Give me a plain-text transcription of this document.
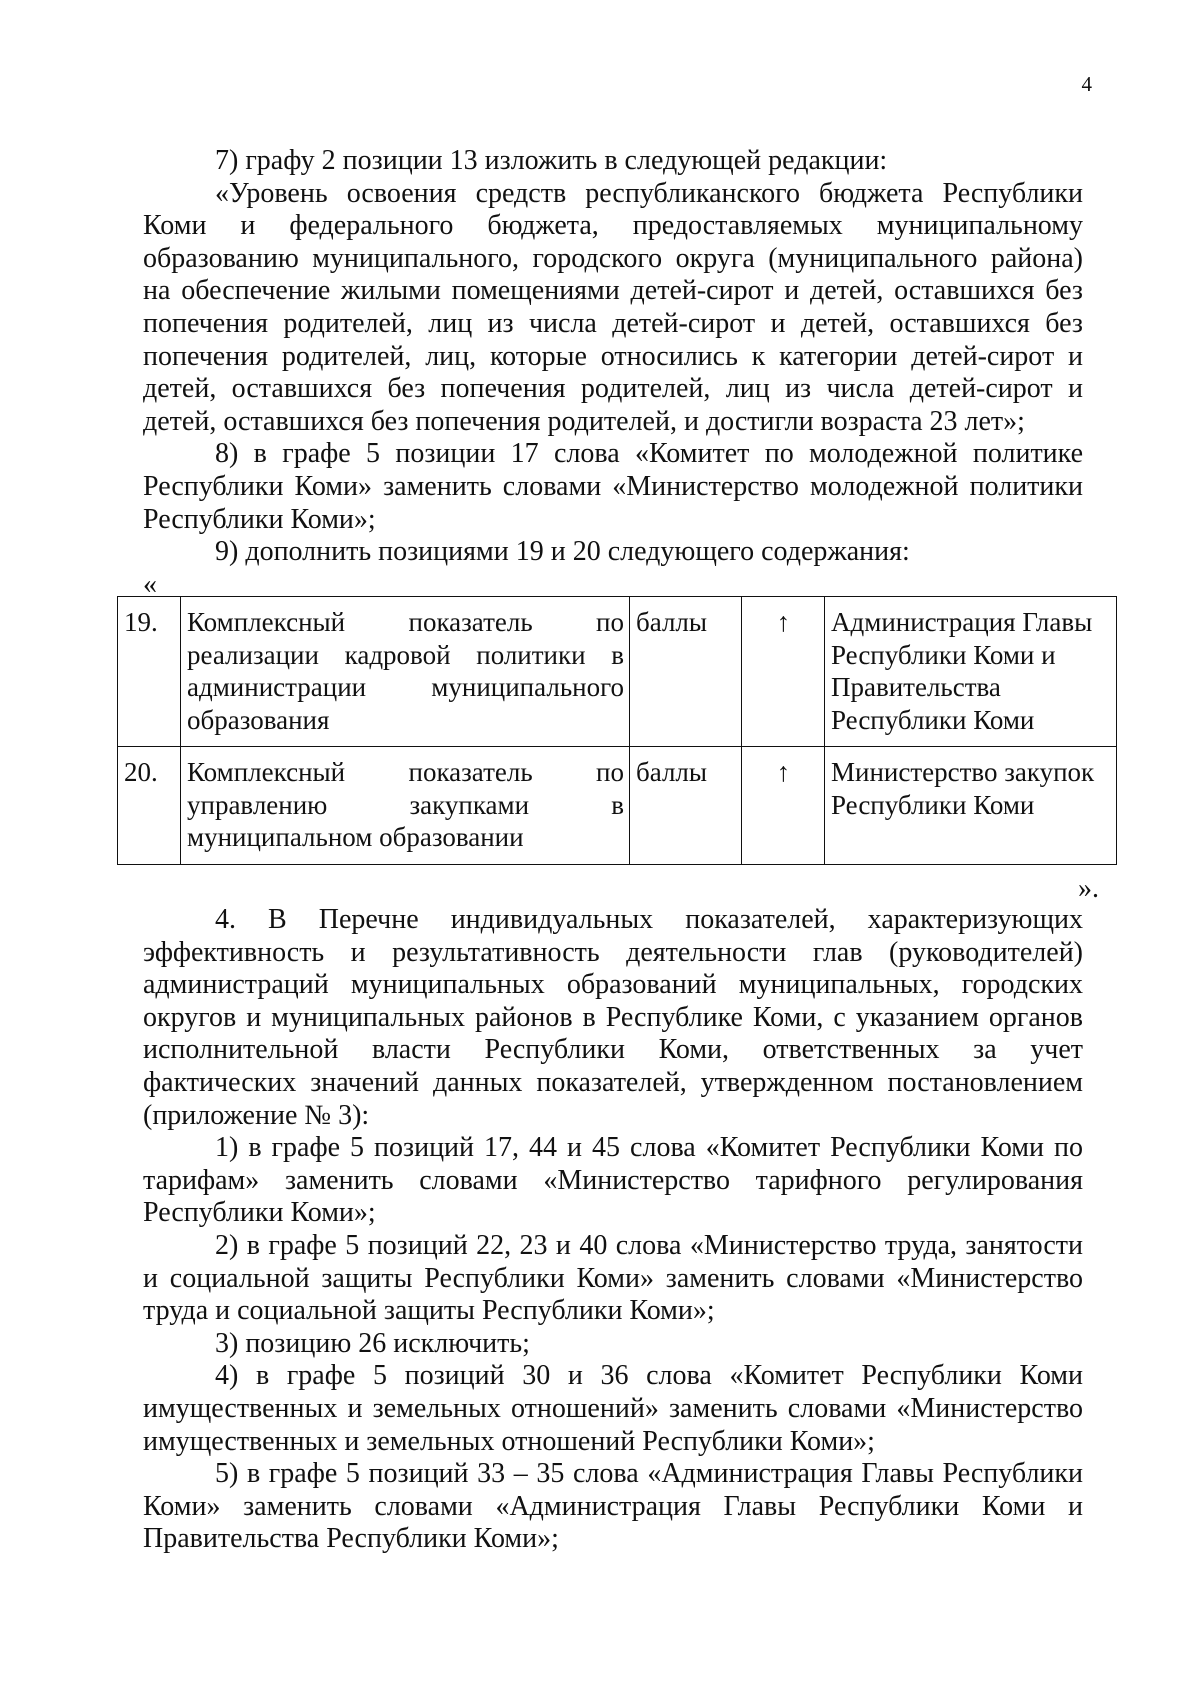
4

7) графу 2 позиции 13 изложить в следующей редакции:

«Уровень освоения средств республиканского бюджета Республики Коми и федерального бюджета, предоставляемых муниципальному образованию муниципального, городского округа (муниципального района) на обеспечение жилыми помещениями детей-сирот и детей, оставшихся без попечения родителей, лиц из числа детей-сирот и детей, оставшихся без попечения родителей, лиц, которые относились к категории детей-сирот и детей, оставшихся без попечения родителей, лиц из числа детей-сирот и детей, оставшихся без попечения родителей, и достигли возраста 23 лет»;

8) в графе 5 позиции 17 слова «Комитет по молодежной политике Республики Коми» заменить словами «Министерство молодежной политики Республики Коми»;

9) дополнить позициями 19 и 20 следующего содержания:

«
19.	Комплексный показатель по реализации кадровой политики в администрации муниципального образования	баллы	↑	Администрация Главы
Республики Коми и
Правительства
Республики Коми

20.	Комплексный показатель по управлению закупками в муниципальном образовании	баллы	↑	Министерство закупок
Республики Коми
».

4. В Перечне индивидуальных показателей, характеризующих эффективность и результативность деятельности глав (руководителей) администраций муниципальных образований муниципальных, городских округов и муниципальных районов в Республике Коми, с указанием органов исполнительной власти Республики Коми, ответственных за учет фактических значений данных показателей, утвержденном постановлением (приложение № 3):

1) в графе 5 позиций 17, 44 и 45 слова «Комитет Республики Коми по тарифам» заменить словами «Министерство тарифного регулирования Республики Коми»;

2) в графе 5 позиций 22, 23 и 40 слова «Министерство труда, занятости и социальной защиты Республики Коми» заменить словами «Министерство труда и социальной защиты Республики Коми»;

3) позицию 26 исключить;

4) в графе 5 позиций 30 и 36 слова «Комитет Республики Коми имущественных и земельных отношений» заменить словами «Министерство имущественных и земельных отношений Республики Коми»;

5) в графе 5 позиций 33 – 35 слова «Администрация Главы Республики Коми» заменить словами «Администрация Главы Республики Коми и Правительства Республики Коми»;
